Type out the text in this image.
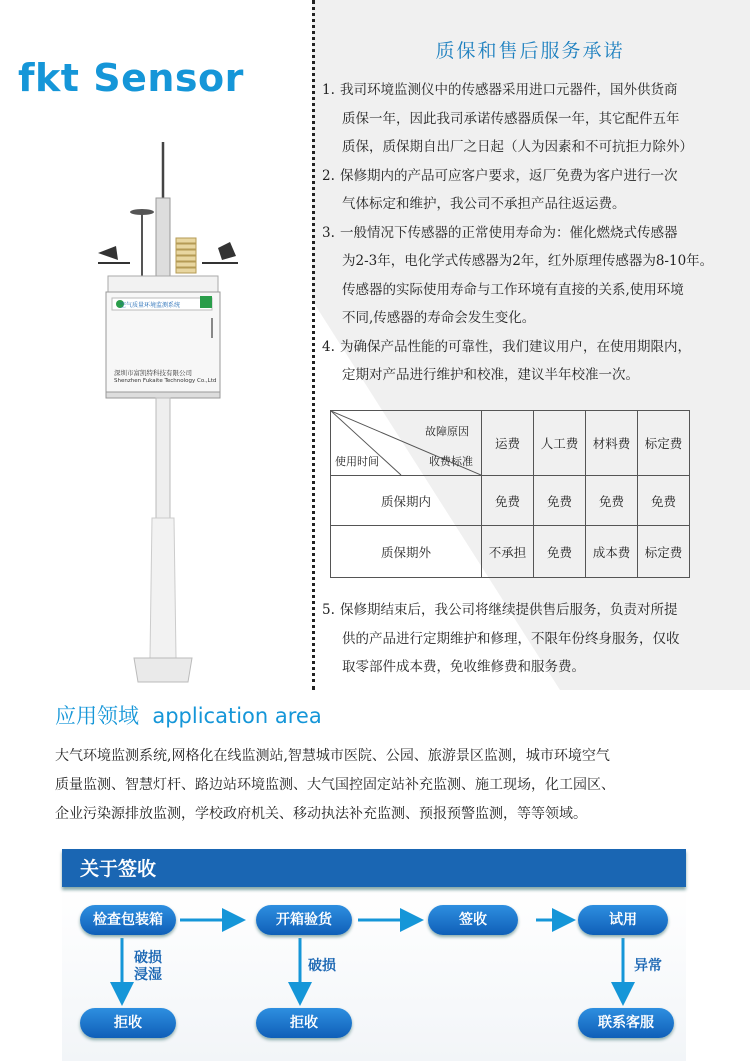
fkt Sensor
空气质量环境监测系统
深圳市富凯特科技有限公司
Shenzhen Fukaite Technology Co.,Ltd
质保和售后服务承诺
1. 我司环境监测仪中的传感器采用进口元器件，国外供货商
质保一年，因此我司承诺传感器质保一年，其它配件五年
质保，质保期自出厂之日起（人为因素和不可抗拒力除外）
2. 保修期内的产品可应客户要求，返厂免费为客户进行一次
气体标定和维护，我公司不承担产品往返运费。
3. 一般情况下传感器的正常使用寿命为：催化燃烧式传感器
为2-3年，电化学式传感器为2年，红外原理传感器为8-10年。
传感器的实际使用寿命与工作环境有直接的关系,使用环境
不同,传感器的寿命会发生变化。
4. 为确保产品性能的可靠性，我们建议用户，在使用期限内，
定期对产品进行维护和校准，建议半年校准一次。
故障原因
收费标准
使用时间	运费	人工费	材料费	标定费
质保期内	免费	免费	免费	免费
质保期外	不承担	免费	成本费	标定费
5. 保修期结束后，我公司将继续提供售后服务，负责对所提
供的产品进行定期维护和修理，不限年份终身服务，仅收
取零部件成本费，免收维修费和服务费。
应用领域  application area
大气环境监测系统,网格化在线监测站,智慧城市医院、公园、旅游景区监测，城市环境空气
质量监测、智慧灯杆、路边站环境监测、大气国控固定站补充监测、施工现场，化工园区、
企业污染源排放监测，学校政府机关、移动执法补充监测、预报预警监测，等等领域。
关于签收
检查包装箱	开箱验货	签收	试用
破损
浸湿
破损	异常
拒收	拒收	联系客服
